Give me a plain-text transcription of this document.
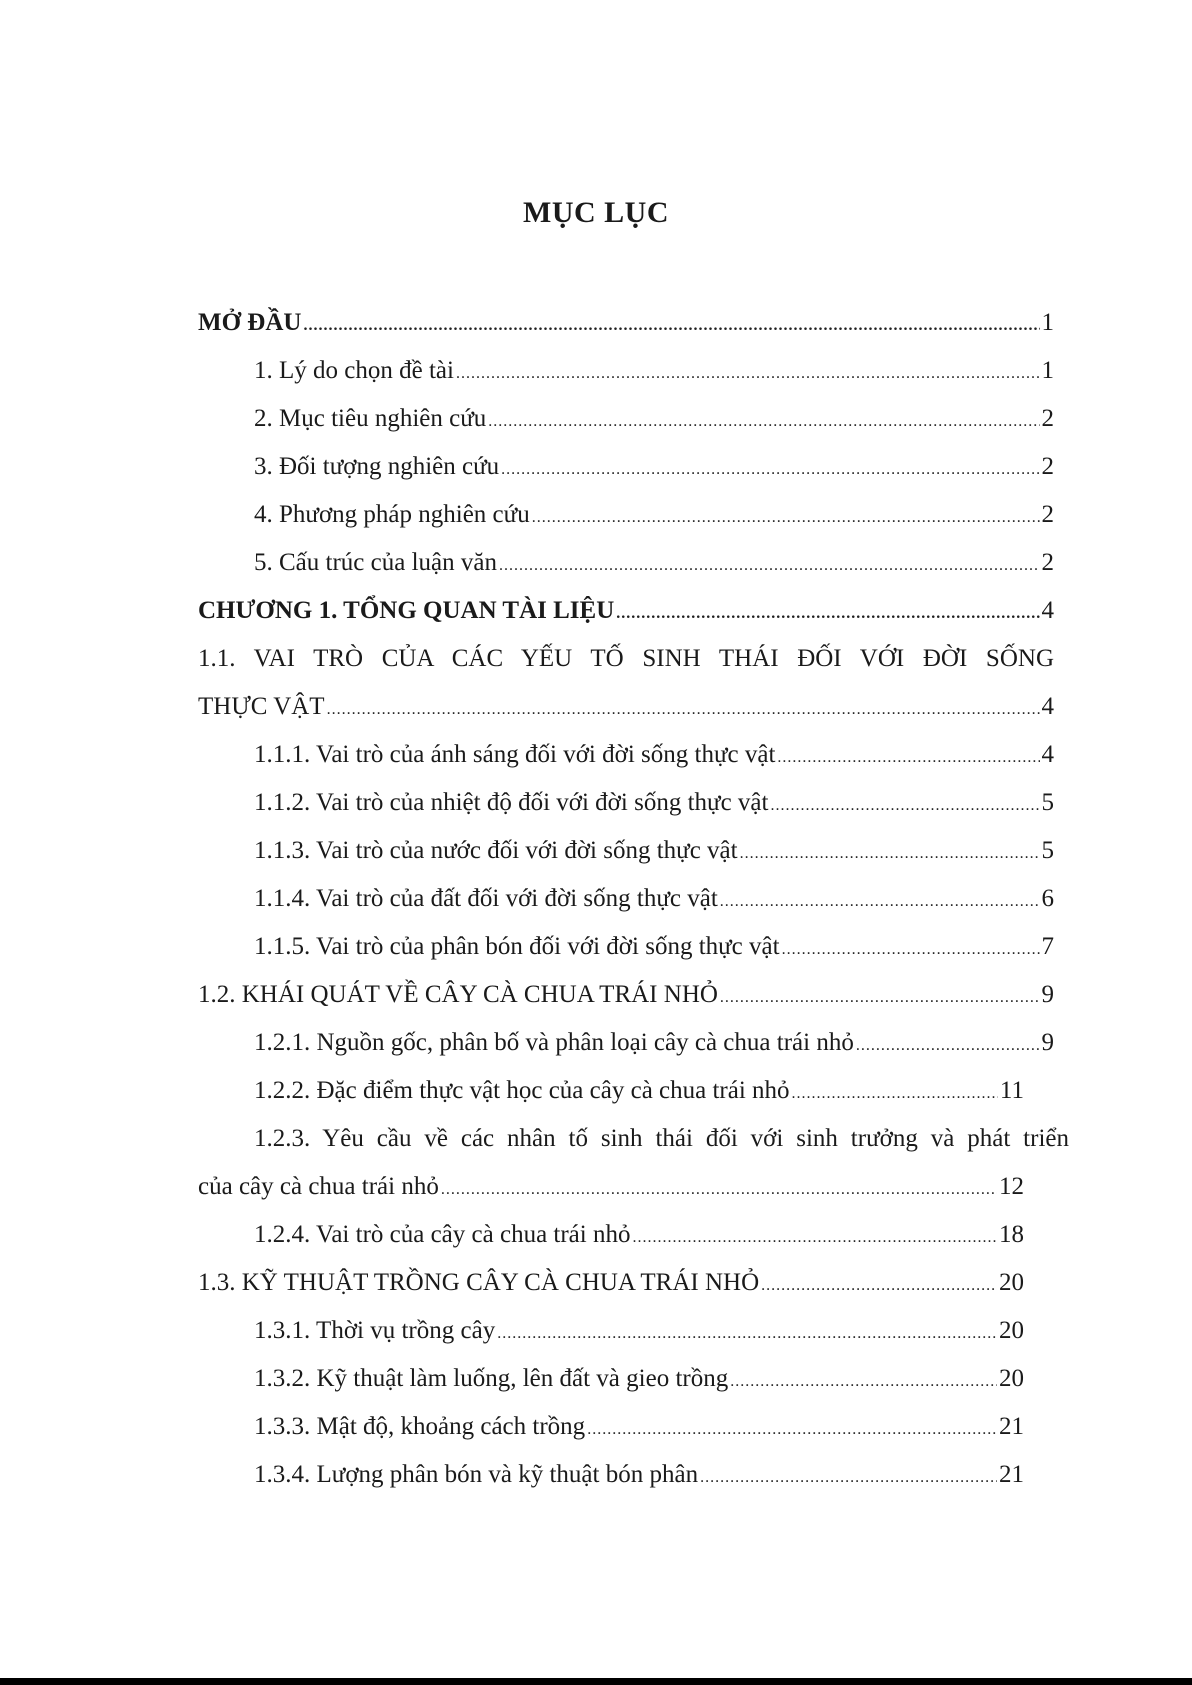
MỤC LỤC
MỞ ĐẦU .....	1
1. Lý do chọn đề tài .....	1
2. Mục tiêu nghiên cứu .....	2
3. Đối tượng nghiên cứu .....	2
4. Phương pháp nghiên cứu .....	2
5. Cấu trúc của luận văn .....	2
CHƯƠNG 1. TỔNG QUAN TÀI LIỆU .....	4
1.1. VAI TRÒ CỦA CÁC YẾU TỐ SINH THÁI ĐỐI VỚI ĐỜI SỐNG
THỰC VẬT .....	4
1.1.1. Vai trò của ánh sáng đối với đời sống thực vật .....	4
1.1.2. Vai trò của nhiệt độ đối với đời sống thực vật .....	5
1.1.3. Vai trò của nước đối với đời sống thực vật .....	5
1.1.4. Vai trò của đất đối với đời sống thực vật .....	6
1.1.5. Vai trò của phân bón đối với đời sống thực vật .....	7
1.2. KHÁI QUÁT VỀ CÂY CÀ CHUA TRÁI NHỎ .....	9
1.2.1. Nguồn gốc, phân bố và phân loại cây cà chua trái nhỏ .....	9
1.2.2. Đặc điểm thực vật học của cây cà chua trái nhỏ .....	11
1.2.3. Yêu cầu về các nhân tố sinh thái đối với sinh trưởng và phát triển
của cây cà chua trái nhỏ .....	12
1.2.4. Vai trò của cây cà chua trái nhỏ .....	18
1.3. KỸ THUẬT TRỒNG CÂY CÀ CHUA TRÁI NHỎ .....	20
1.3.1. Thời vụ trồng cây .....	20
1.3.2. Kỹ thuật làm luống, lên đất và gieo trồng .....	20
1.3.3. Mật độ, khoảng cách trồng .....	21
1.3.4. Lượng phân bón và kỹ thuật bón phân .....	21
